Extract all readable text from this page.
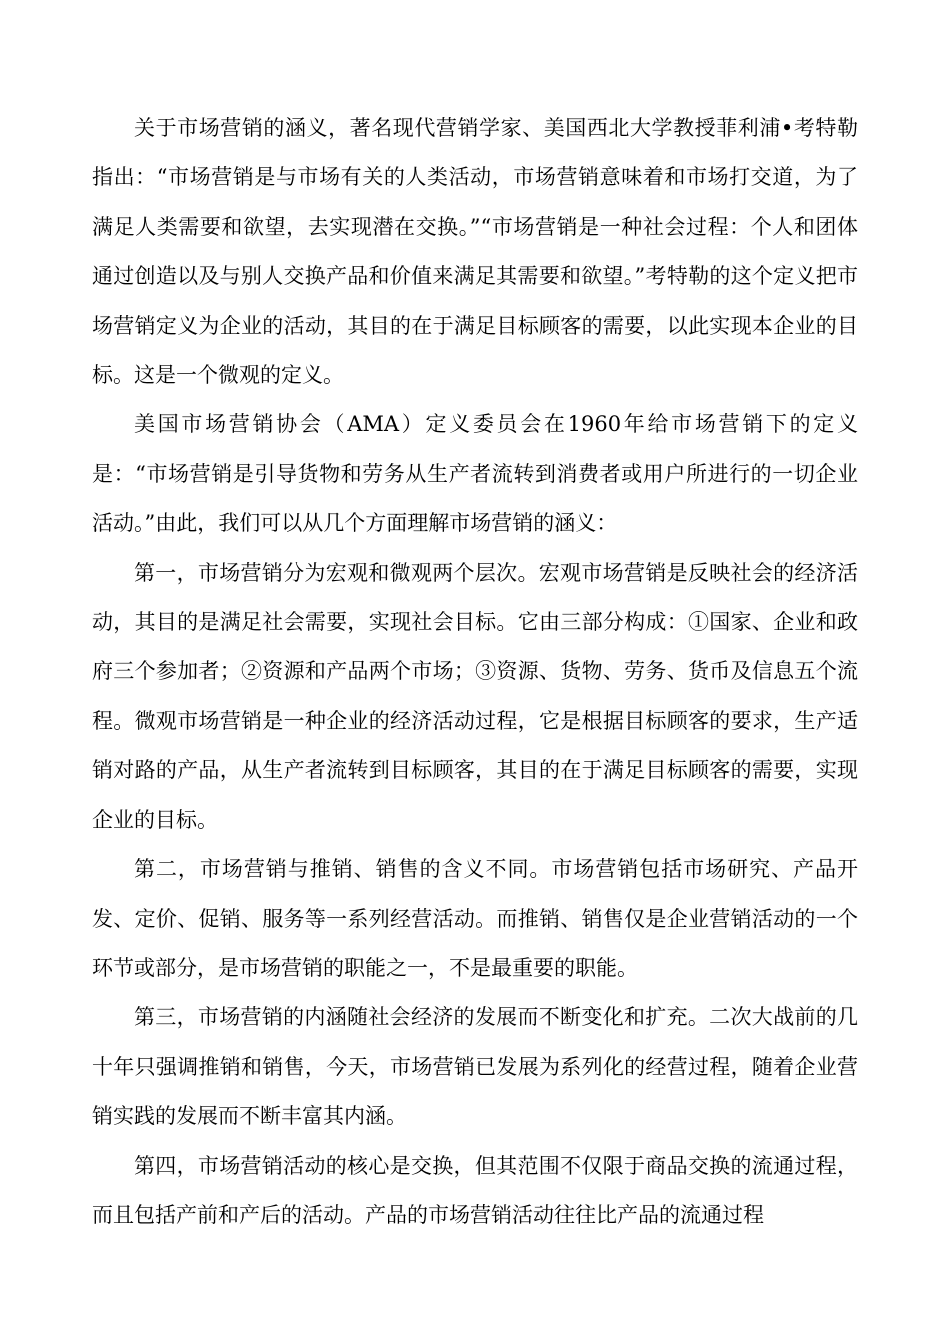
关于市场营销的涵义，著名现代营销学家、美国西北大学教授菲利浦•考特勒指出：“市场营销是与市场有关的人类活动，市场营销意味着和市场打交道，为了满足人类需要和欲望，去实现潜在交换。”“市场营销是一种社会过程：个人和团体通过创造以及与别人交换产品和价值来满足其需要和欲望。”考特勒的这个定义把市场营销定义为企业的活动，其目的在于满足目标顾客的需要，以此实现本企业的目标。这是一个微观的定义。

美国市场营销协会（AMA）定义委员会在1960年给市场营销下的定义是：“市场营销是引导货物和劳务从生产者流转到消费者或用户所进行的一切企业活动。”由此，我们可以从几个方面理解市场营销的涵义：

第一，市场营销分为宏观和微观两个层次。宏观市场营销是反映社会的经济活动，其目的是满足社会需要，实现社会目标。它由三部分构成：①国家、企业和政府三个参加者；②资源和产品两个市场；③资源、货物、劳务、货币及信息五个流程。微观市场营销是一种企业的经济活动过程，它是根据目标顾客的要求，生产适销对路的产品，从生产者流转到目标顾客，其目的在于满足目标顾客的需要，实现企业的目标。

第二，市场营销与推销、销售的含义不同。市场营销包括市场研究、产品开发、定价、促销、服务等一系列经营活动。而推销、销售仅是企业营销活动的一个环节或部分，是市场营销的职能之一，不是最重要的职能。

第三，市场营销的内涵随社会经济的发展而不断变化和扩充。二次大战前的几十年只强调推销和销售，今天，市场营销已发展为系列化的经营过程，随着企业营销实践的发展而不断丰富其内涵。

第四，市场营销活动的核心是交换，但其范围不仅限于商品交换的流通过程，而且包括产前和产后的活动。产品的市场营销活动往往比产品的流通过程
